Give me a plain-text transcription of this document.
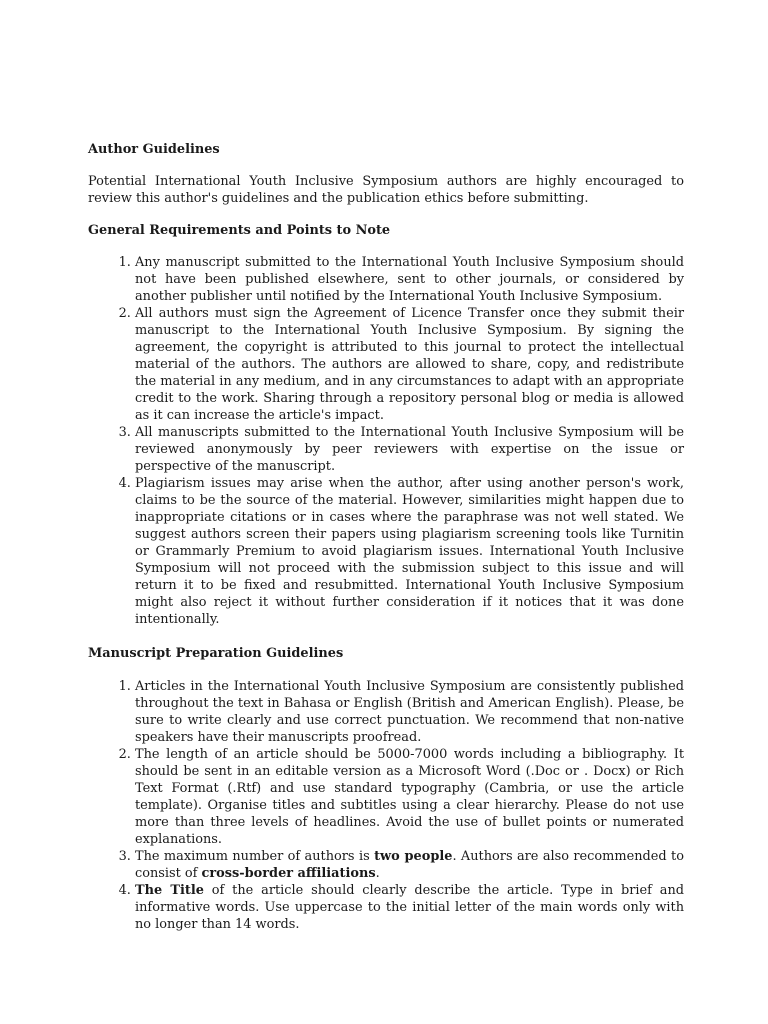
Author Guidelines

Potential International Youth Inclusive Symposium authors are highly encouraged to review this author's guidelines and the publication ethics before submitting.

General Requirements and Points to Note
1. Any manuscript submitted to the International Youth Inclusive Symposium should not have been published elsewhere, sent to other journals, or considered by another publisher until notified by the International Youth Inclusive Symposium.
2. All authors must sign the Agreement of Licence Transfer once they submit their manuscript to the International Youth Inclusive Symposium. By signing the agreement, the copyright is attributed to this journal to protect the intellectual material of the authors. The authors are allowed to share, copy, and redistribute the material in any medium, and in any circumstances to adapt with an appropriate credit to the work. Sharing through a repository personal blog or media is allowed as it can increase the article's impact.
3. All manuscripts submitted to the International Youth Inclusive Symposium will be reviewed anonymously by peer reviewers with expertise on the issue or perspective of the manuscript.
4. Plagiarism issues may arise when the author, after using another person's work, claims to be the source of the material. However, similarities might happen due to inappropriate citations or in cases where the paraphrase was not well stated. We suggest authors screen their papers using plagiarism screening tools like Turnitin or Grammarly Premium to avoid plagiarism issues. International Youth Inclusive Symposium will not proceed with the submission subject to this issue and will return it to be fixed and resubmitted. International Youth Inclusive Symposium might also reject it without further consideration if it notices that it was done intentionally.
Manuscript Preparation Guidelines
1. Articles in the International Youth Inclusive Symposium are consistently published throughout the text in Bahasa or English (British and American English). Please, be sure to write clearly and use correct punctuation. We recommend that non-native speakers have their manuscripts proofread.
2. The length of an article should be 5000-7000 words including a bibliography. It should be sent in an editable version as a Microsoft Word (.Doc or . Docx) or Rich Text Format (.Rtf) and use standard typography (Cambria, or use the article template). Organise titles and subtitles using a clear hierarchy. Please do not use more than three levels of headlines. Avoid the use of bullet points or numerated explanations.
3. The maximum number of authors is two people. Authors are also recommended to consist of cross-border affiliations.
4. The Title of the article should clearly describe the article. Type in brief and informative words. Use uppercase to the initial letter of the main words only with no longer than 14 words.
